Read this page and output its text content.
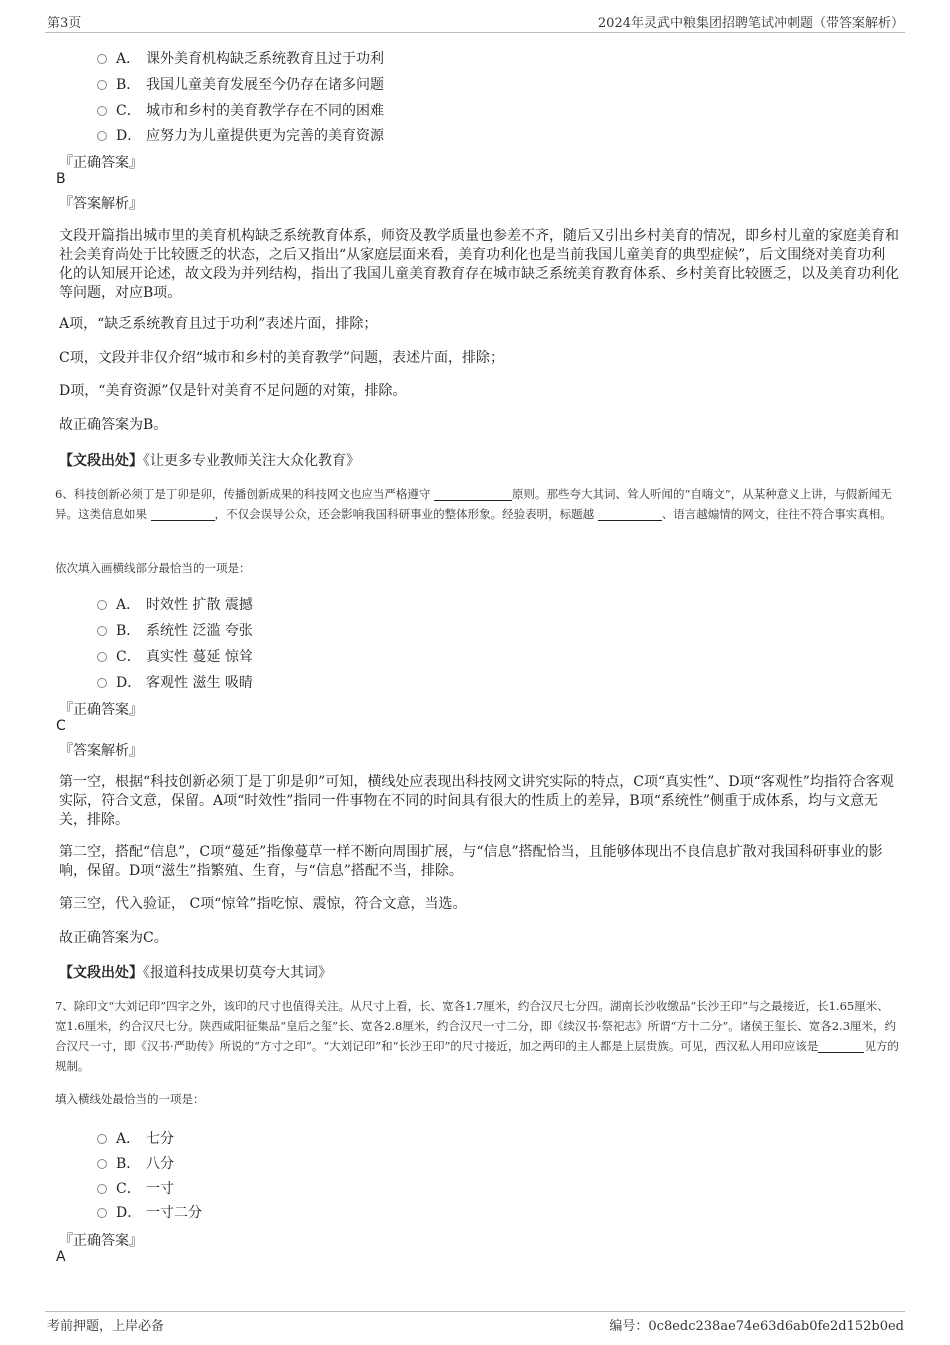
第3页	2024年灵武中粮集团招聘笔试冲刺题（带答案解析）
A． 课外美育机构缺乏系统教育且过于功利
B． 我国儿童美育发展至今仍存在诸多问题
C． 城市和乡村的美育教学存在不同的困难
D． 应努力为儿童提供更为完善的美育资源
『正确答案』
B
『答案解析』
文段开篇指出城市里的美育机构缺乏系统教育体系，师资及教学质量也参差不齐，随后又引出乡村美育的情况，即乡村儿童的家庭美育和社会美育尚处于比较匮乏的状态，之后又指出“从家庭层面来看，美育功利化也是当前我国儿童美育的典型症候”，后文围绕对美育功利化的认知展开论述，故文段为并列结构，指出了我国儿童美育教育存在城市缺乏系统美育教育体系、乡村美育比较匮乏，以及美育功利化等问题，对应B项。
A项，“缺乏系统教育且过于功利”表述片面，排除；
C项，文段并非仅介绍“城市和乡村的美育教学”问题，表述片面，排除；
D项，“美育资源”仅是针对美育不足问题的对策，排除。
故正确答案为B。
【文段出处】《让更多专业教师关注大众化教育》
6、科技创新必须丁是丁卯是卯，传播创新成果的科技网文也应当严格遵守	原则。那些夸大其词、耸人听闻的“自嗨文”，从某种意义上讲，与假新闻无异。这类信息如果	，不仅会误导公众，还会影响我国科研事业的整体形象。经验表明，标题越	、语言越煽情的网文，往往不符合事实真相。
依次填入画横线部分最恰当的一项是：
A． 时效性 扩散 震撼
B． 系统性 泛滥 夸张
C． 真实性 蔓延 惊耸
D． 客观性 滋生 吸睛
『正确答案』
C
『答案解析』
第一空，根据“科技创新必须丁是丁卯是卯”可知，横线处应表现出科技网文讲究实际的特点，C项“真实性”、D项“客观性”均指符合客观实际，符合文意，保留。A项“时效性”指同一件事物在不同的时间具有很大的性质上的差异，B项“系统性”侧重于成体系，均与文意无关，排除。
第二空，搭配“信息”，C项“蔓延”指像蔓草一样不断向周围扩展，与“信息”搭配恰当，且能够体现出不良信息扩散对我国科研事业的影响，保留。D项“滋生”指繁殖、生育，与“信息”搭配不当，排除。
第三空，代入验证， C项“惊耸”指吃惊、震惊，符合文意，当选。
故正确答案为C。
【文段出处】《报道科技成果切莫夸大其词》
7、除印文“大刘记印”四字之外，该印的尺寸也值得关注。从尺寸上看，长、宽各1.7厘米，约合汉尺七分四。湖南长沙收缴品“长沙王印”与之最接近，长1.65厘米、宽1.6厘米，约合汉尺七分。陕西咸阳征集品“皇后之玺”长、宽各2.8厘米，约合汉尺一寸二分，即《续汉书·祭祀志》所谓“方十二分”。诸侯王玺长、宽各2.3厘米，约合汉尺一寸，即《汉书·严助传》所说的“方寸之印”。“大刘记印”和“长沙王印”的尺寸接近，加之两印的主人都是上层贵族。可见，西汉私人用印应该是	见方的规制。
填入横线处最恰当的一项是：
A． 七分
B． 八分
C． 一寸
D． 一寸二分
『正确答案』
A
考前押题，上岸必备	编号：0c8edc238ae74e63d6ab0fe2d152b0ed
